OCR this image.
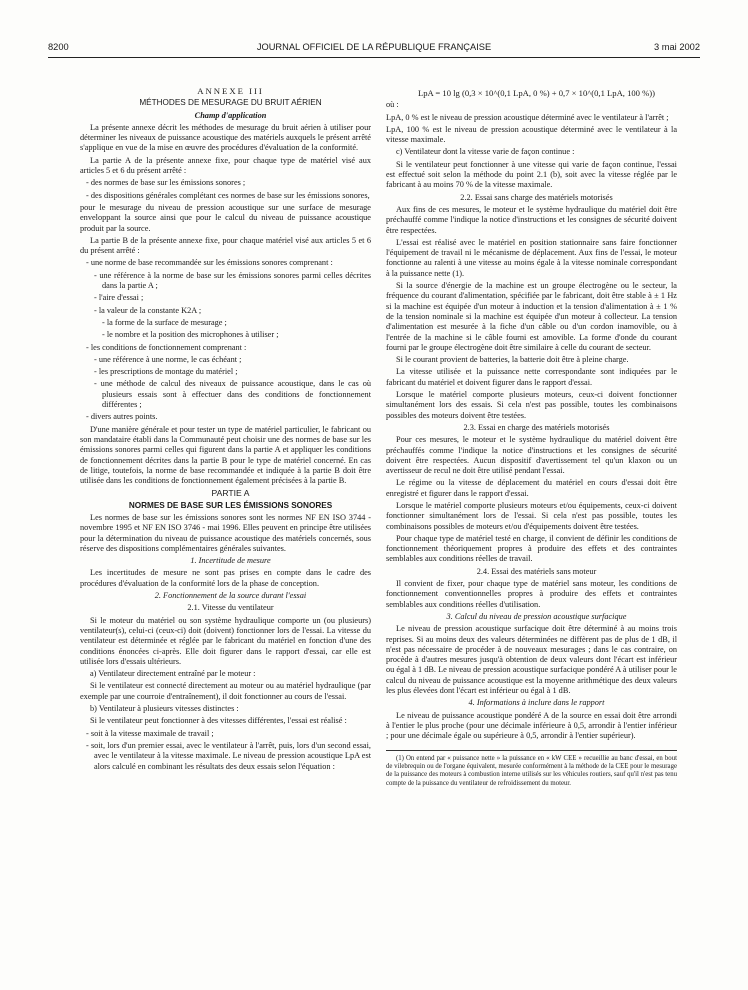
8200	JOURNAL OFFICIEL DE LA RÉPUBLIQUE FRANÇAISE	3 mai 2002

ANNEXE III

MÉTHODES DE MESURAGE DU BRUIT AÉRIEN

Champ d'application

La présente annexe décrit les méthodes de mesurage du bruit aérien à utiliser pour déterminer les niveaux de puissance acoustique des matériels auxquels le présent arrêté s'applique en vue de la mise en œuvre des procédures d'évaluation de la conformité.

La partie A de la présente annexe fixe, pour chaque type de matériel visé aux articles 5 et 6 du présent arrêté :

- des normes de base sur les émissions sonores ;

- des dispositions générales complétant ces normes de base sur les émissions sonores,

pour le mesurage du niveau de pression acoustique sur une surface de mesurage enveloppant la source ainsi que pour le calcul du niveau de puissance acoustique produit par la source.

La partie B de la présente annexe fixe, pour chaque matériel visé aux articles 5 et 6 du présent arrêté :

- une norme de base recommandée sur les émissions sonores comprenant :

- une référence à la norme de base sur les émissions sonores parmi celles décrites dans la partie A ;

- l'aire d'essai ;

- la valeur de la constante K2A ;

- la forme de la surface de mesurage ;

- le nombre et la position des microphones à utiliser ;

- les conditions de fonctionnement comprenant :

- une référence à une norme, le cas échéant ;

- les prescriptions de montage du matériel ;

- une méthode de calcul des niveaux de puissance acoustique, dans le cas où plusieurs essais sont à effectuer dans des conditions de fonctionnement différentes ;

- divers autres points.

D'une manière générale et pour tester un type de matériel particulier, le fabricant ou son mandataire établi dans la Communauté peut choisir une des normes de base sur les émissions sonores parmi celles qui figurent dans la partie A et appliquer les conditions de fonctionnement décrites dans la partie B pour le type de matériel concerné. En cas de litige, toutefois, la norme de base recommandée et indiquée à la partie B doit être utilisée dans les conditions de fonctionnement également précisées à la partie B.

PARTIE A

NORMES DE BASE SUR LES ÉMISSIONS SONORES

Les normes de base sur les émissions sonores sont les normes NF EN ISO 3744 - novembre 1995 et NF EN ISO 3746 - mai 1996. Elles peuvent en principe être utilisées pour la détermination du niveau de puissance acoustique des matériels concernés, sous réserve des dispositions complémentaires générales suivantes.

1. Incertitude de mesure

Les incertitudes de mesure ne sont pas prises en compte dans le cadre des procédures d'évaluation de la conformité lors de la phase de conception.

2. Fonctionnement de la source durant l'essai

2.1. Vitesse du ventilateur

Si le moteur du matériel ou son système hydraulique comporte un (ou plusieurs) ventilateur(s), celui-ci (ceux-ci) doit (doivent) fonctionner lors de l'essai. La vitesse du ventilateur est déterminée et réglée par le fabricant du matériel en fonction d'une des conditions énoncées ci-après. Elle doit figurer dans le rapport d'essai, car elle est utilisée lors d'essais ultérieurs.

a) Ventilateur directement entraîné par le moteur :

Si le ventilateur est connecté directement au moteur ou au matériel hydraulique (par exemple par une courroie d'entraînement), il doit fonctionner au cours de l'essai.

b) Ventilateur à plusieurs vitesses distinctes :

Si le ventilateur peut fonctionner à des vitesses différentes, l'essai est réalisé :

- soit à la vitesse maximale de travail ;

- soit, lors d'un premier essai, avec le ventilateur à l'arrêt, puis, lors d'un second essai, avec le ventilateur à la vitesse maximale. Le niveau de pression acoustique LpA est alors calculé en combinant les résultats des deux essais selon l'équation :

LpA = 10 lg (0,3 × 10^(0,1 LpA, 0 %) + 0,7 × 10^(0,1 LpA, 100 %))

où :

LpA, 0 % est le niveau de pression acoustique déterminé avec le ventilateur à l'arrêt ;

LpA, 100 % est le niveau de pression acoustique déterminé avec le ventilateur à la vitesse maximale.

c) Ventilateur dont la vitesse varie de façon continue :

Si le ventilateur peut fonctionner à une vitesse qui varie de façon continue, l'essai est effectué soit selon la méthode du point 2.1 (b), soit avec la vitesse réglée par le fabricant à au moins 70 % de la vitesse maximale.

2.2. Essai sans charge des matériels motorisés

Aux fins de ces mesures, le moteur et le système hydraulique du matériel doit être préchauffé comme l'indique la notice d'instructions et les consignes de sécurité doivent être respectées.

L'essai est réalisé avec le matériel en position stationnaire sans faire fonctionner l'équipement de travail ni le mécanisme de déplacement. Aux fins de l'essai, le moteur fonctionne au ralenti à une vitesse au moins égale à la vitesse nominale correspondant à la puissance nette (1).

Si la source d'énergie de la machine est un groupe électrogène ou le secteur, la fréquence du courant d'alimentation, spécifiée par le fabricant, doit être stable à ± 1 Hz si la machine est équipée d'un moteur à induction et la tension d'alimentation à ± 1 % de la tension nominale si la machine est équipée d'un moteur à collecteur. La tension d'alimentation est mesurée à la fiche d'un câble ou d'un cordon inamovible, ou à l'entrée de la machine si le câble fourni est amovible. La forme d'onde du courant fourni par le groupe électrogène doit être similaire à celle du courant de secteur.

Si le courant provient de batteries, la batterie doit être à pleine charge.

La vitesse utilisée et la puissance nette correspondante sont indiquées par le fabricant du matériel et doivent figurer dans le rapport d'essai.

Lorsque le matériel comporte plusieurs moteurs, ceux-ci doivent fonctionner simultanément lors des essais. Si cela n'est pas possible, toutes les combinaisons possibles des moteurs doivent être testées.

2.3. Essai en charge des matériels motorisés

Pour ces mesures, le moteur et le système hydraulique du matériel doivent être préchauffés comme l'indique la notice d'instructions et les consignes de sécurité doivent être respectées. Aucun dispositif d'avertissement tel qu'un klaxon ou un avertisseur de recul ne doit être utilisé pendant l'essai.

Le régime ou la vitesse de déplacement du matériel en cours d'essai doit être enregistré et figurer dans le rapport d'essai.

Lorsque le matériel comporte plusieurs moteurs et/ou équipements, ceux-ci doivent fonctionner simultanément lors de l'essai. Si cela n'est pas possible, toutes les combinaisons possibles de moteurs et/ou d'équipements doivent être testées.

Pour chaque type de matériel testé en charge, il convient de définir les conditions de fonctionnement théoriquement propres à produire des effets et des contraintes semblables aux conditions réelles de travail.

2.4. Essai des matériels sans moteur

Il convient de fixer, pour chaque type de matériel sans moteur, les conditions de fonctionnement conventionnelles propres à produire des effets et contraintes semblables aux conditions réelles d'utilisation.

3. Calcul du niveau de pression acoustique surfacique

Le niveau de pression acoustique surfacique doit être déterminé à au moins trois reprises. Si au moins deux des valeurs déterminées ne diffèrent pas de plus de 1 dB, il n'est pas nécessaire de procéder à de nouveaux mesurages ; dans le cas contraire, on procède à d'autres mesures jusqu'à obtention de deux valeurs dont l'écart est inférieur ou égal à 1 dB. Le niveau de pression acoustique surfacique pondéré A à utiliser pour le calcul du niveau de puissance acoustique est la moyenne arithmétique des deux valeurs les plus élevées dont l'écart est inférieur ou égal à 1 dB.

4. Informations à inclure dans le rapport

Le niveau de puissance acoustique pondéré A de la source en essai doit être arrondi à l'entier le plus proche (pour une décimale inférieure à 0,5, arrondir à l'entier inférieur ; pour une décimale égale ou supérieure à 0,5, arrondir à l'entier supérieur).

(1) On entend par « puissance nette » la puissance en « kW CEE » recueillie au banc d'essai, en bout de vilebrequin ou de l'organe équivalent, mesurée conformément à la méthode de la CEE pour le mesurage de la puissance des moteurs à combustion interne utilisés sur les véhicules routiers, sauf qu'il n'est pas tenu compte de la puissance du ventilateur de refroidissement du moteur.
